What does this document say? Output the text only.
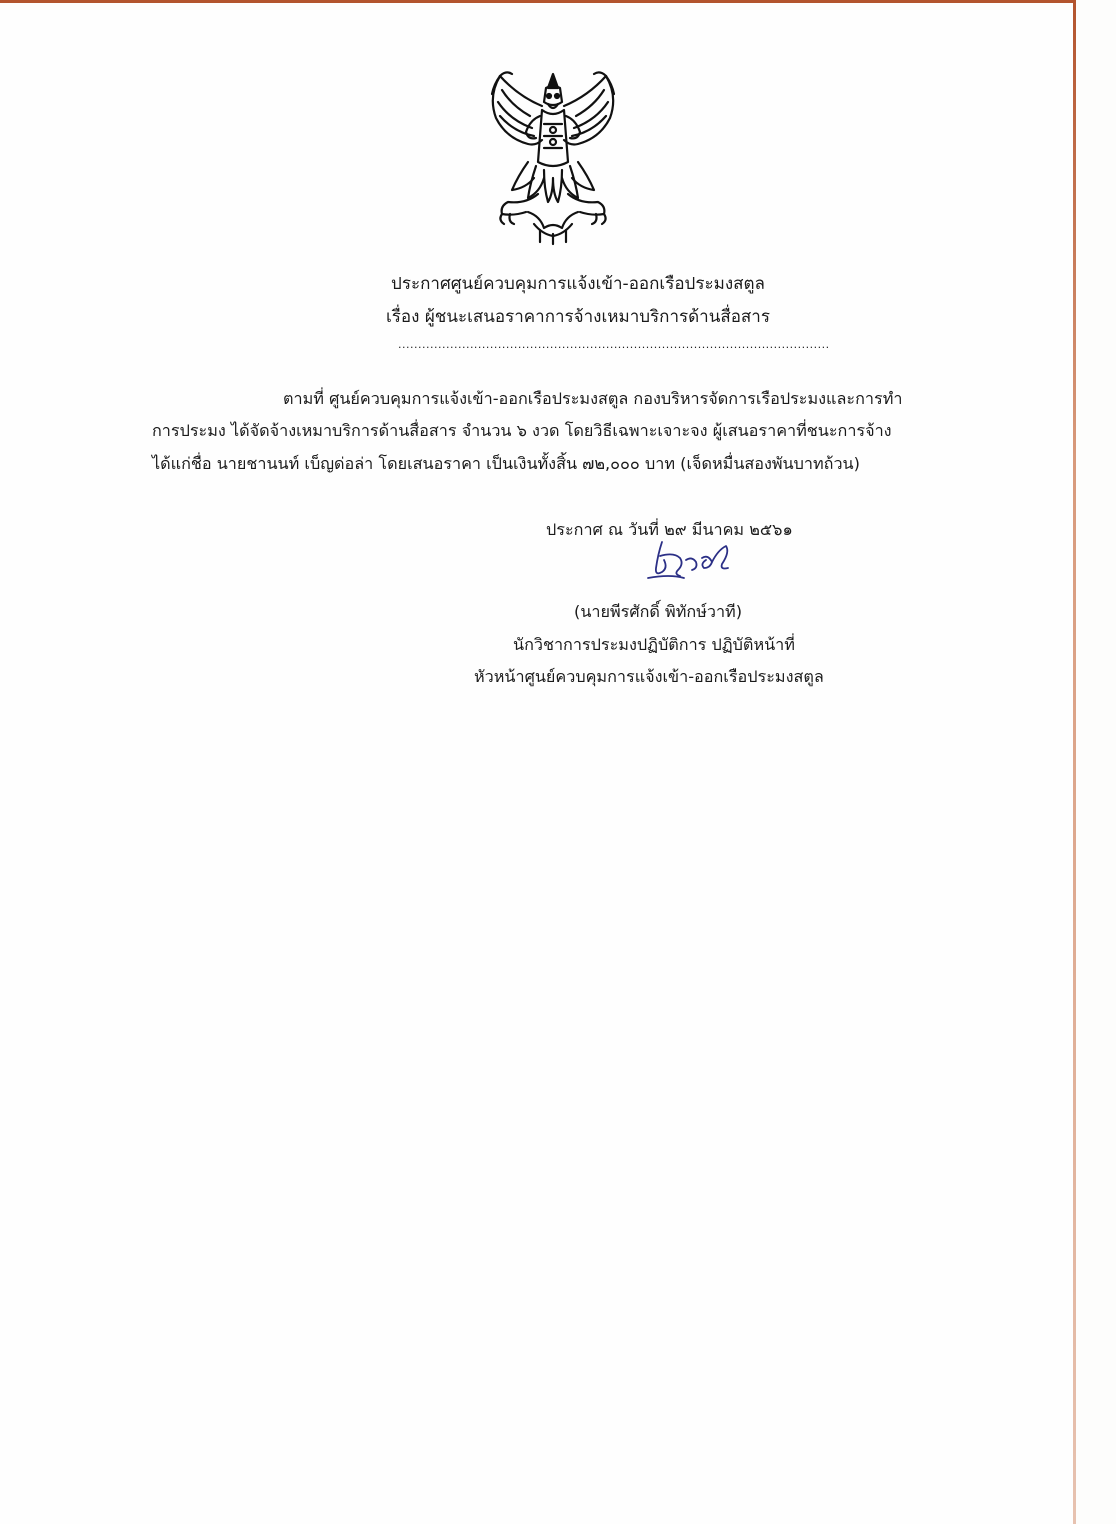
ประกาศศูนย์ควบคุมการแจ้งเข้า-ออกเรือประมงสตูล
เรื่อง ผู้ชนะเสนอราคาการจ้างเหมาบริการด้านสื่อสาร
............................................................................................................
ตามที่ ศูนย์ควบคุมการแจ้งเข้า-ออกเรือประมงสตูล กองบริหารจัดการเรือประมงและการทำ
การประมง ได้จัดจ้างเหมาบริการด้านสื่อสาร จำนวน ๖ งวด โดยวิธีเฉพาะเจาะจง ผู้เสนอราคาที่ชนะการจ้าง
ได้แก่ชื่อ นายชานนท์ เบ็ญด่อล่า โดยเสนอราคา เป็นเงินทั้งสิ้น ๗๒,๐๐๐ บาท (เจ็ดหมื่นสองพันบาทถ้วน)
ประกาศ ณ วันที่ ๒๙ มีนาคม ๒๕๖๑
(นายพีรศักดิ์ พิทักษ์วาที)
นักวิชาการประมงปฏิบัติการ ปฏิบัติหน้าที่
หัวหน้าศูนย์ควบคุมการแจ้งเข้า-ออกเรือประมงสตูล
